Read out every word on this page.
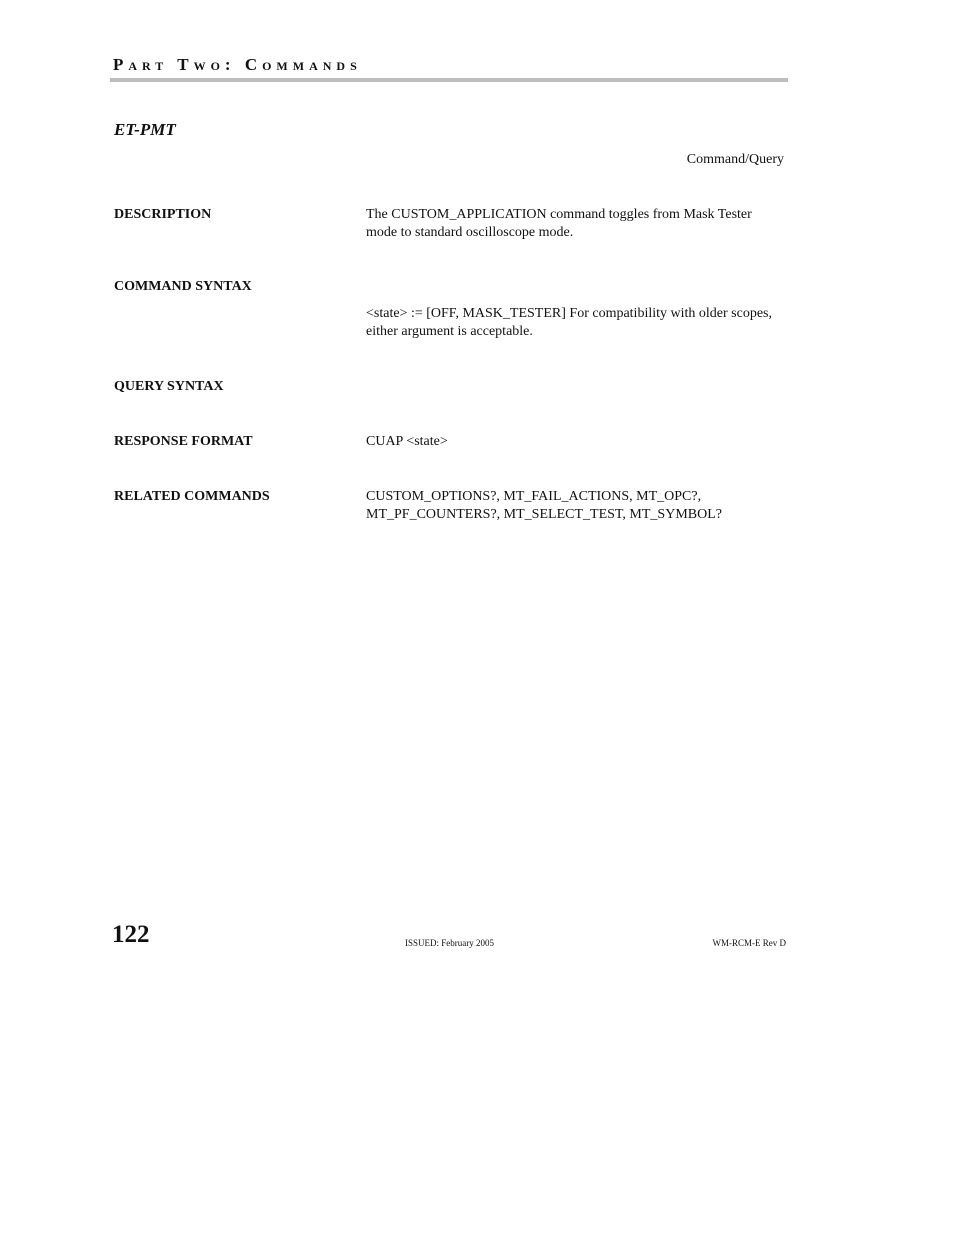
Part Two: Commands
ET-PMT
Command/Query
DESCRIPTION	The CUSTOM_APPLICATION command toggles from Mask Tester mode to standard oscilloscope mode.
COMMAND SYNTAX
<state> := [OFF, MASK_TESTER] For compatibility with older scopes, either argument is acceptable.
QUERY SYNTAX
RESPONSE FORMAT	CUAP <state>
RELATED COMMANDS	CUSTOM_OPTIONS?, MT_FAIL_ACTIONS, MT_OPC?, MT_PF_COUNTERS?, MT_SELECT_TEST, MT_SYMBOL?
122	ISSUED: February 2005	WM-RCM-E Rev D
